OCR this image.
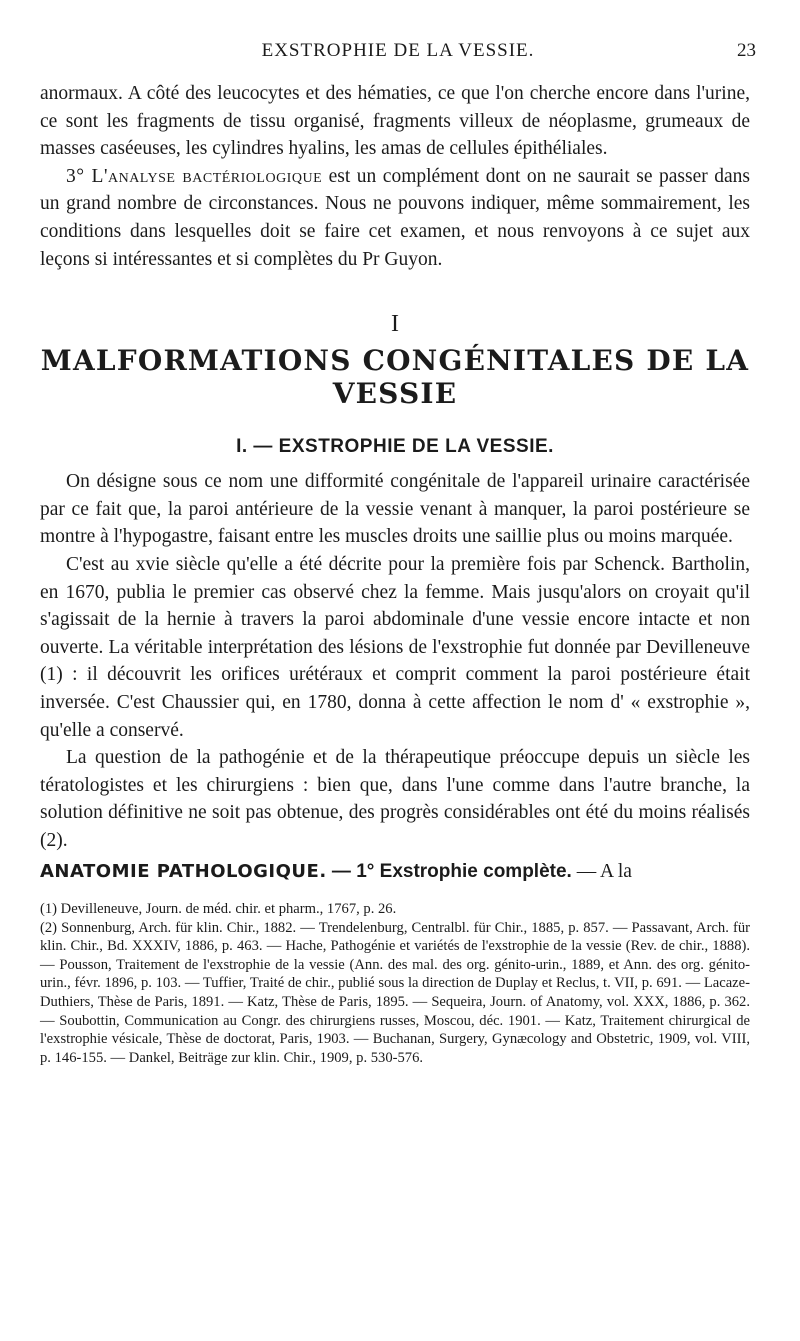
EXSTROPHIE DE LA VESSIE.	23

anormaux. A côté des leucocytes et des hématies, ce que l'on cherche encore dans l'urine, ce sont les fragments de tissu organisé, fragments villeux de néoplasme, grumeaux de masses caséeuses, les cylindres hyalins, les amas de cellules épithéliales.

3° L'analyse bactériologique est un complément dont on ne saurait se passer dans un grand nombre de circonstances. Nous ne pouvons indiquer, même sommairement, les conditions dans lesquelles doit se faire cet examen, et nous renvoyons à ce sujet aux leçons si intéressantes et si complètes du Pr Guyon.

I
MALFORMATIONS CONGÉNITALES DE LA VESSIE
I. — EXSTROPHIE DE LA VESSIE.

On désigne sous ce nom une difformité congénitale de l'appareil urinaire caractérisée par ce fait que, la paroi antérieure de la vessie venant à manquer, la paroi postérieure se montre à l'hypogastre, faisant entre les muscles droits une saillie plus ou moins marquée.

C'est au xvie siècle qu'elle a été décrite pour la première fois par Schenck. Bartholin, en 1670, publia le premier cas observé chez la femme. Mais jusqu'alors on croyait qu'il s'agissait de la hernie à travers la paroi abdominale d'une vessie encore intacte et non ouverte. La véritable interprétation des lésions de l'exstrophie fut donnée par Devilleneuve (1) : il découvrit les orifices urétéraux et comprit comment la paroi postérieure était inversée. C'est Chaussier qui, en 1780, donna à cette affection le nom d' « exstrophie », qu'elle a conservé.

La question de la pathogénie et de la thérapeutique préoccupe depuis un siècle les tératologistes et les chirurgiens : bien que, dans l'une comme dans l'autre branche, la solution définitive ne soit pas obtenue, des progrès considérables ont été du moins réalisés (2).

ANATOMIE PATHOLOGIQUE. — 1° Exstrophie complète. — A la

(1) Devilleneuve, Journ. de méd. chir. et pharm., 1767, p. 26.

(2) Sonnenburg, Arch. für klin. Chir., 1882. — Trendelenburg, Centralbl. für Chir., 1885, p. 857. — Passavant, Arch. für klin. Chir., Bd. XXXIV, 1886, p. 463. — Hache, Pathogénie et variétés de l'exstrophie de la vessie (Rev. de chir., 1888). — Pousson, Traitement de l'exstrophie de la vessie (Ann. des mal. des org. génito-urin., 1889, et Ann. des org. génito-urin., févr. 1896, p. 103. — Tuffier, Traité de chir., publié sous la direction de Duplay et Reclus, t. VII, p. 691. — Lacaze-Duthiers, Thèse de Paris, 1891. — Katz, Thèse de Paris, 1895. — Sequeira, Journ. of Anatomy, vol. XXX, 1886, p. 362. — Soubottin, Communication au Congr. des chirurgiens russes, Moscou, déc. 1901. — Katz, Traitement chirurgical de l'exstrophie vésicale, Thèse de doctorat, Paris, 1903. — Buchanan, Surgery, Gynæcology and Obstetric, 1909, vol. VIII, p. 146-155. — Dankel, Beiträge zur klin. Chir., 1909, p. 530-576.
